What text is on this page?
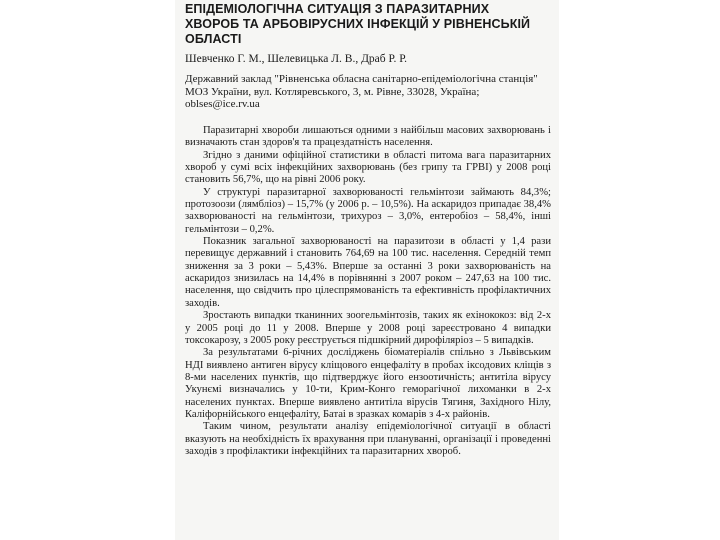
ЕПІДЕМІОЛОГІЧНА СИТУАЦІЯ З ПАРАЗИТАРНИХ ХВОРОБ ТА АРБОВІРУСНИХ ІНФЕКЦІЙ У РІВНЕНСЬКІЙ ОБЛАСТІ
Шевченко Г. М., Шелевицька Л. В., Драб Р. Р.
Державний заклад "Рівненська обласна санітарно-епідеміологічна станція" МОЗ України, вул. Котляревського, 3, м. Рівне, 33028, Україна; oblses@ice.rv.ua

Паразитарні хвороби лишаються одними з найбільш масових захворювань і визначають стан здоров'я та працездатність населення.

Згідно з даними офіційної статистики в області питома вага паразитарних хвороб у сумі всіх інфекційних захворювань (без грипу та ГРВІ) у 2008 році становить 56,7%, що на рівні 2006 року.

У структурі паразитарної захворюваності гельмінтози займають 84,3%; протозоози (лямбліоз) – 15,7% (у 2006 р. – 10,5%). На аскаридоз припадає 38,4% захворюваності на гельмінтози, трихуроз – 3,0%, ентеробіоз – 58,4%, інші гельмінтози – 0,2%.

Показник загальної захворюваності на паразитози в області у 1,4 рази перевищує державний і становить 764,69 на 100 тис. населення. Середній темп зниження за 3 роки – 5,43%. Вперше за останні 3 роки захворюваність на аскаридоз знизилась на 14,4% в порівнянні з 2007 роком – 247,63 на 100 тис. населення, що свідчить про цілеспрямованість та ефективність профілактичних заходів.

Зростають випадки тканинних зоогельмінтозів, таких як ехінококоз: від 2-х у 2005 році до 11 у 2008. Вперше у 2008 році зареєстровано 4 випадки токсокарозу, з 2005 року реєструється підшкірний дирофіляріоз – 5 випадків.

За результатами 6-річних досліджень біоматеріалів спільно з Львівським НДІ виявлено антиген вірусу кліщового енцефаліту в пробах іксодових кліщів з 8-ми населених пунктів, що підтверджує його ензоотичність; антитіла вірусу Укунємі визначались у 10-ти, Крим-Конго геморагічної лихоманки в 2-х населених пунктах. Вперше виявлено антитіла вірусів Тягиня, Західного Нілу, Каліфорнійського енцефаліту, Батаі в зразках комарів з 4-х районів.

Таким чином, результати аналізу епідеміологічної ситуації в області вказують на необхідність їх врахування при плануванні, організації і проведенні заходів з профілактики інфекційних та паразитарних хвороб.
